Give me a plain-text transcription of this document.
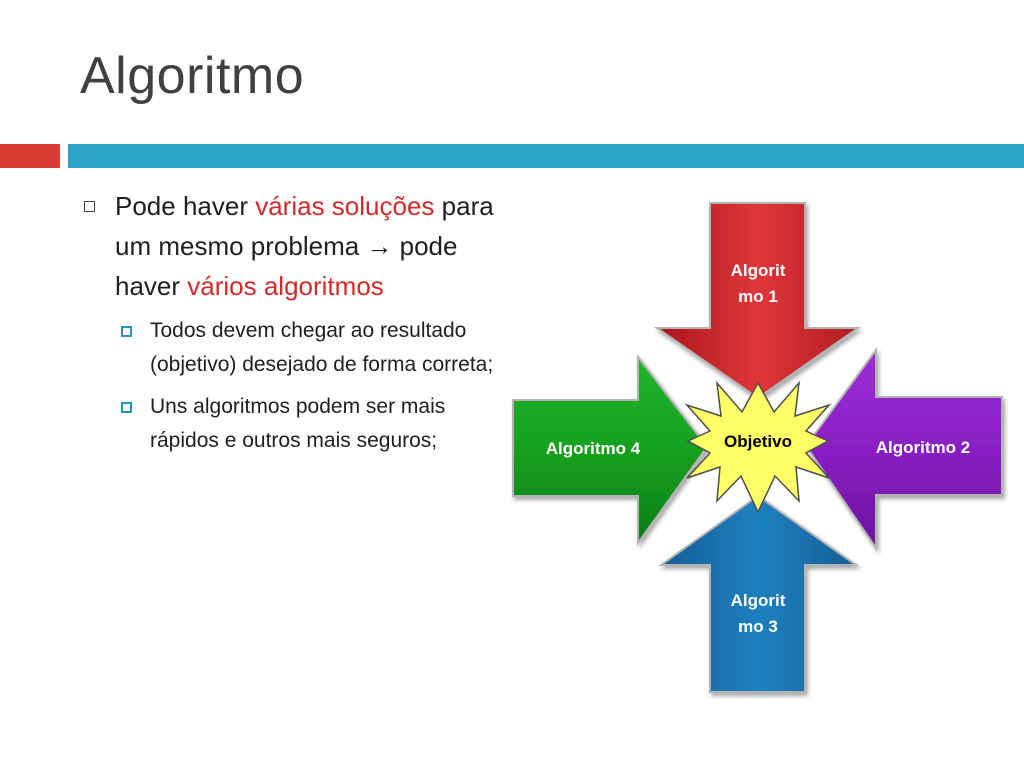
Algoritmo
Pode haver várias soluções para um mesmo problema → pode haver vários algoritmos
Todos devem chegar ao resultado (objetivo) desejado de forma correta;
Uns algoritmos podem ser mais rápidos e outros mais seguros;
Algorit
mo 1
Algoritmo 2
Algorit
mo 3
Algoritmo 4	Objetivo
